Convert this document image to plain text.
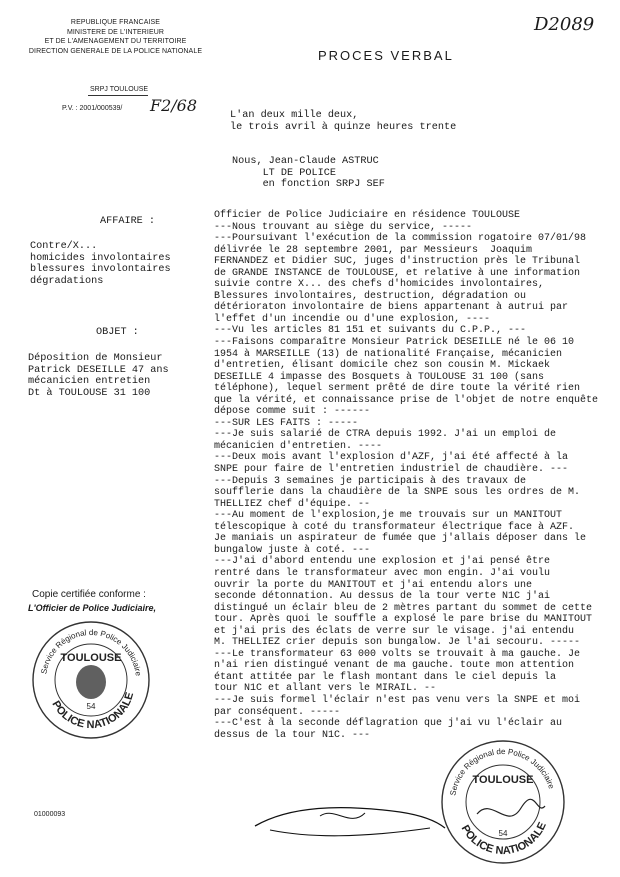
REPUBLIQUE FRANCAISE
MINISTERE DE L'INTERIEUR
ET DE L'AMENAGEMENT DU TERRITOIRE
DIRECTION GENERALE DE LA POLICE NATIONALE
SRPJ TOULOUSE
P.V. : 2001/000539/ F2/68
D2089
PROCES VERBAL
L'an deux mille deux,
le trois avril à quinze heures trente
Nous, Jean-Claude ASTRUC
LT DE POLICE
en fonction SRPJ SEF
AFFAIRE :
Contre/X...
homicides involontaires
blessures involontaires
dégradations
OBJET :
Déposition de Monsieur
Patrick DESEILLE 47 ans
mécanicien entretien
Dt à TOULOUSE 31 100
Officier de Police Judiciaire en résidence TOULOUSE
---Nous trouvant au siège du service, -----
---Poursuivant l'exécution de la commission rogatoire 07/01/98
délivrée le 28 septembre 2001, par Messieurs  Joaquim
FERNANDEZ et Didier SUC, juges d'instruction près le Tribunal
de GRANDE INSTANCE de TOULOUSE, et relative à une information
suivie contre X... des chefs d'homicides involontaires,
Blessures involontaires, destruction, dégradation ou
détérioraton involontaire de biens appartenant à autrui par
l'effet d'un incendie ou d'une explosion, ----
---Vu les articles 81 151 et suivants du C.P.P., ---
---Faisons comparaître Monsieur Patrick DESEILLE né le 06 10
1954 à MARSEILLE (13) de nationalité Française, mécanicien
d'entretien, élisant domicile chez son cousin M. Mickaek
DESEILLE 4 impasse des Bosquets à TOULOUSE 31 100 (sans
téléphone), lequel serment prêté de dire toute la vérité rien
que la vérité, et connaissance prise de l'objet de notre enquête
dépose comme suit : ------
---SUR LES FAITS : -----
---Je suis salarié de CTRA depuis 1992. J'ai un emploi de
mécanicien d'entretien. ----
---Deux mois avant l'explosion d'AZF, j'ai été affecté à la
SNPE pour faire de l'entretien industriel de chaudière. ---
---Depuis 3 semaines je participais à des travaux de
soufflerie dans la chaudière de la SNPE sous les ordres de M.
THELLIEZ chef d'équipe. --
---Au moment de l'explosion,je me trouvais sur un MANITOUT
télescopique à coté du transformateur électrique face à AZF.
Je maniais un aspirateur de fumée que j'allais déposer dans le
bungalow juste à coté. ---
---J'ai d'abord entendu une explosion et j'ai pensé être
rentré dans le transformateur avec mon engin. J'ai voulu
ouvrir la porte du MANITOUT et j'ai entendu alors une
seconde détonnation. Au dessus de la tour verte N1C j'ai
distingué un éclair bleu de 2 mètres partant du sommet de cette
tour. Après quoi le souffle a explosé le pare brise du MANITOUT
et j'ai pris des éclats de verre sur le visage. j'ai entendu
M. THELLIEZ crier depuis son bungalow. Je l'ai secouru. -----
---Le transformateur 63 000 volts se trouvait à ma gauche. Je
n'ai rien distingué venant de ma gauche. toute mon attention
étant attitée par le flash montant dans le ciel depuis la
tour N1C et allant vers le MIRAIL. --
---Je suis formel l'éclair n'est pas venu vers la SNPE et moi
par conséquent. -----
---C'est à la seconde déflagration que j'ai vu l'éclair au
dessus de la tour N1C. ---
Copie certifiée conforme :
L'Officier de Police Judiciaire,
Service Régional de Police Judiciaire
POLICE NATIONALE
TOULOUSE
54
Service Régional de Police Judiciaire
POLICE NATIONALE
TOULOUSE
54
01000093
